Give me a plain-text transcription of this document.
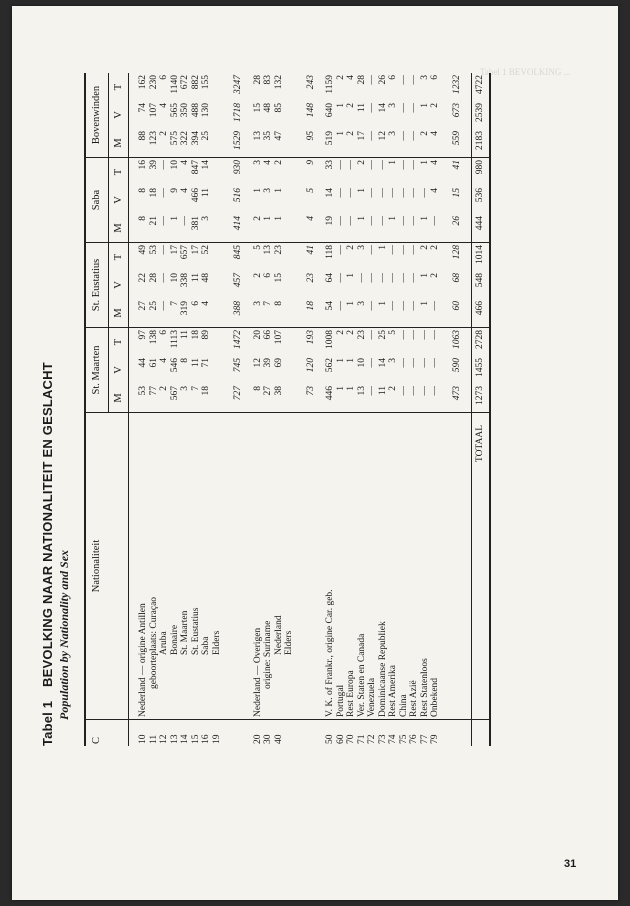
Tabel 1 BEVOLKING ...
Tabel 1 BEVOLKING NAAR NATIONALITEIT EN GESLACHT Population by Nationality and Sex
C	Nationaliteit	St. Maarten			St. Eustatius			Saba			Bovenwinden		
		M	V	T	M	V	T	M	V	T	M	V	T

10	Nederland — origine Antillen	53	44	97	27	22	49	8	8	16	88	74	162
11	geboorteplaats: Curaçao	77	61	138	25	28	53	21	18	39	123	107	230
12	Aruba	2	4	6	—	—	—	—	—	—	2	4	6
13	Bonaire	567	546	1113	7	10	17	1	9	10	575	565	1140
14	St. Maarten	3	8	11	319	338	657	—	4	4	322	350	672
15	St. Eustatius	7	11	18	6	11	17	381	466	847	394	488	882
16	Saba	18	71	89	4	48	52	3	11	14	25	130	155
19	Elders												

		727	745	1472	388	457	845	414	516	930	1529	1718	3247

20	Nederland — Overigen	8	12	20	3	2	5	2	1	3	13	15	28
30	origine: Suriname	27	39	66	7	6	13	1	3	4	35	48	83
40	Nederland	38	69	107	8	15	23	1	1	2	47	85	132
	Elders												

		73	120	193	18	23	41	4	5	9	95	148	243

50	V. K. of Frankr., origine Car. geb.	446	562	1008	54	64	118	19	14	33	519	640	1159
60	Portugal	1	1	2	—	—	—	—	—	—	1	1	2
70	Rest Europa	1	1	2	1	1	2	—	—	—	2	2	4
71	Ver. Staten en Canada	13	10	23	3	—	3	1	1	2	17	11	28
72	Venezuela	—	—	—	—	—	—	—	—	—	—	—	—
73	Dominicaanse Republiek	11	14	25	1	—	1	—	—	—	12	14	26
74	Rest Amerika	2	3	5	—	—	—	1	—	1	3	3	6
75	China	—	—	—	—	—	—	—	—	—	—	—	—
76	Rest Azië	—	—	—	—	—	—	—	—	—	—	—	—
77	Rest Statenloos	—	—	—	1	1	2	1	—	1	2	1	3
79	Onbekend	—	—	—	—	2	2	—	4	4	4	2	6

		473	590	1063	60	68	128	26	15	41	559	673	1232

	TOTAAL	1273	1455	2728	466	548	1014	444	536	980	2183	2539	4722
31
